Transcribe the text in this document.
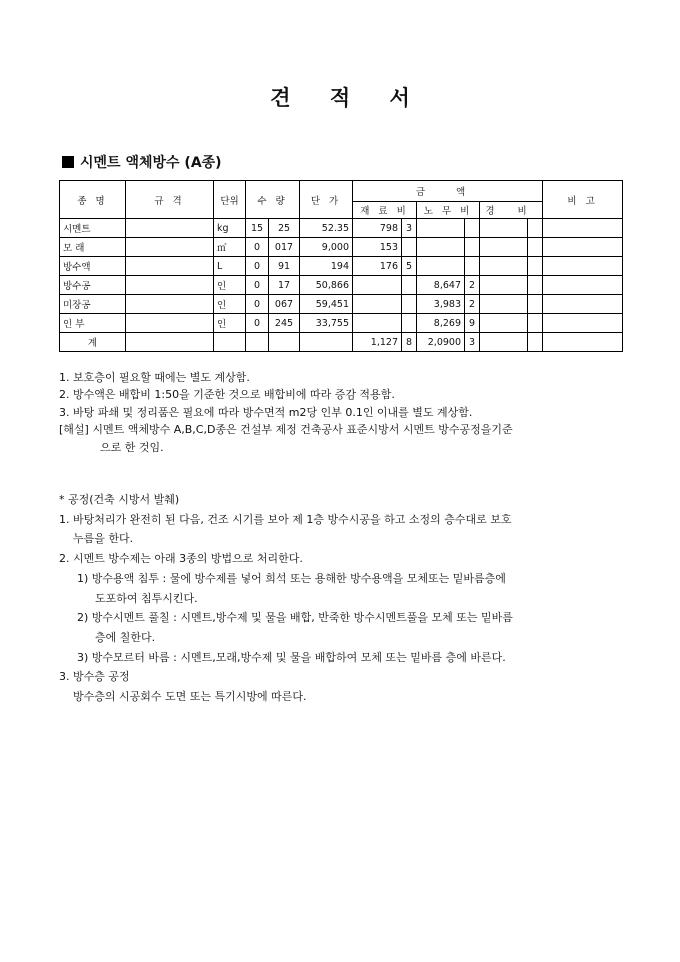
견 적 서
시멘트 액체방수 (A종)
종 명	규 격	단위	수 량		단 가	금 액						비 고
						재 료 비		노 무 비		경 비		
시멘트		kg	15	25	52.35	798	3					
모 래		㎥	0	017	9,000	153						
방수액		L	0	91	194	176	5					
방수공		인	0	17	50,866			8,647	2			
미장공		인	0	067	59,451			3,983	2			
인 부		인	0	245	33,755			8,269	9			
계						1,127	8	2,0900	3			

1. 보호층이 필요할 때에는 별도 계상함.

2. 방수액은 배합비 1:50을 기준한 것으로 배합비에 따라 증감 적용함.

3. 바탕 파쇄 및 정리품은 필요에 따라 방수면적 m2당 인부 0.1인 이내를 별도 계상함.

[해설] 시멘트 액체방수 A,B,C,D종은 건설부 제정 건축공사 표준시방서 시멘트 방수공정을기준

으로 한 것임.

* 공정(건축 시방서 발췌)

1. 바탕처리가 완전히 된 다음, 건조 시기를 보아 제 1층 방수시공을 하고 소정의 층수대로 보호

누름을 한다.

2. 시멘트 방수제는 아래 3종의 방법으로 처리한다.

1) 방수용액 침투 : 물에 방수제를 넣어 희석 또는 용해한 방수용액을 모체또는 밑바름층에

도포하여 침투시킨다.

2) 방수시멘트 풀칠 : 시멘트,방수제 및 물을 배합, 반죽한 방수시멘트풀을 모체 또는 밑바름

층에 칠한다.

3) 방수모르터 바름 : 시멘트,모래,방수제 및 물을 배합하여 모체 또는 밑바름 층에 바른다.

3. 방수층 공정

방수층의 시공회수 도면 또는 특기시방에 따른다.
